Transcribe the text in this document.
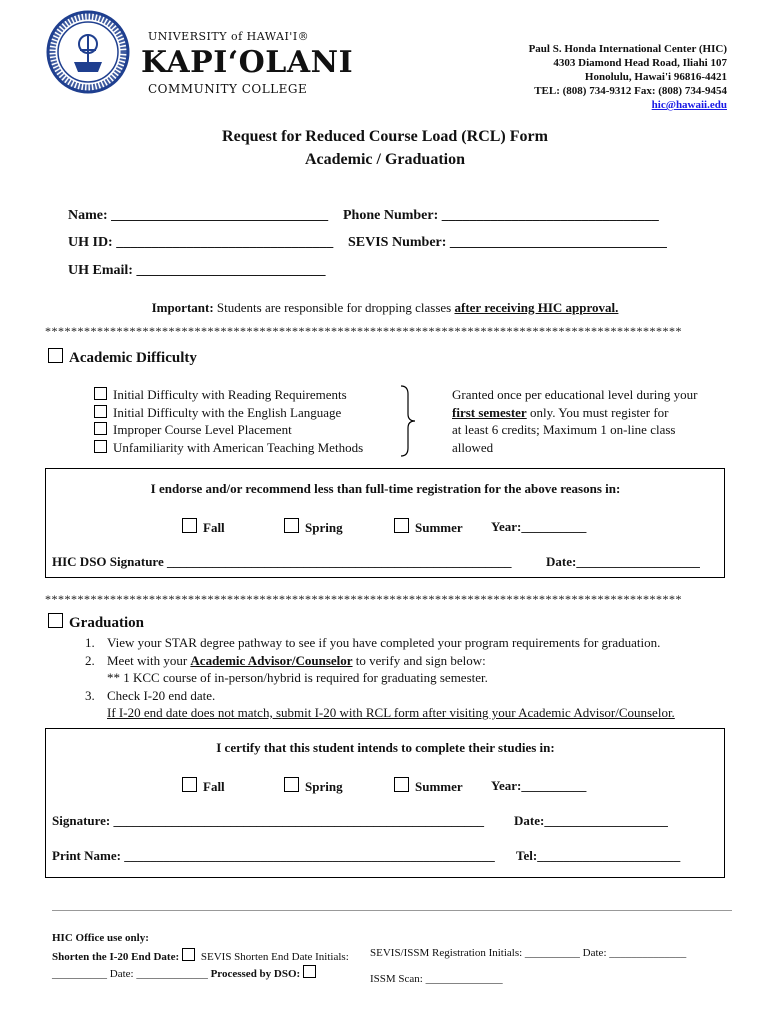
UNIVERSITY of HAWAI'I®
KAPIʻOLANI
COMMUNITY COLLEGE
Paul S. Honda International Center (HIC)
4303 Diamond Head Road, Iliahi 107
Honolulu, Hawai'i 96816-4421
TEL: (808) 734-9312 Fax: (808) 734-9454
hic@hawaii.edu
Request for Reduced Course Load (RCL) Form
Academic / Graduation
Name: _______________________________ Phone Number: _______________________________
UH ID: _______________________________ SEVIS Number: _______________________________
UH Email: ___________________________
Important: Students are responsible for dropping classes after receiving HIC approval.
**************************************************************************************************
Academic Difficulty
Initial Difficulty with Reading Requirements
Initial Difficulty with the English Language
Improper Course Level Placement
Unfamiliarity with American Teaching Methods
Granted once per educational level during your
first semester only. You must register for
at least 6 credits; Maximum 1 on-line class
allowed
I endorse and/or recommend less than full-time registration for the above reasons in:
Fall	Spring	Summer Year:__________
HIC DSO Signature _____________________________________________________	Date:___________________
**************************************************************************************************
Graduation
1. View your STAR degree pathway to see if you have completed your program requirements for graduation.
2. Meet with your Academic Advisor/Counselor to verify and sign below:
** 1 KCC course of in-person/hybrid is required for graduating semester.
3. Check I-20 end date.
If I-20 end date does not match, submit I-20 with RCL form after visiting your Academic Advisor/Counselor.
I certify that this student intends to complete their studies in:
Fall	Spring	Summer Year:__________
Signature: _________________________________________________________ Date:___________________
Print Name: _________________________________________________________ Tel:______________________
HIC Office use only:
Shorten the I-20 End Date: SEVIS Shorten End Date Initials:
__________ Date: _____________ Processed by DSO:
SEVIS/ISSM Registration Initials: __________ Date: ______________
ISSM Scan: ______________
